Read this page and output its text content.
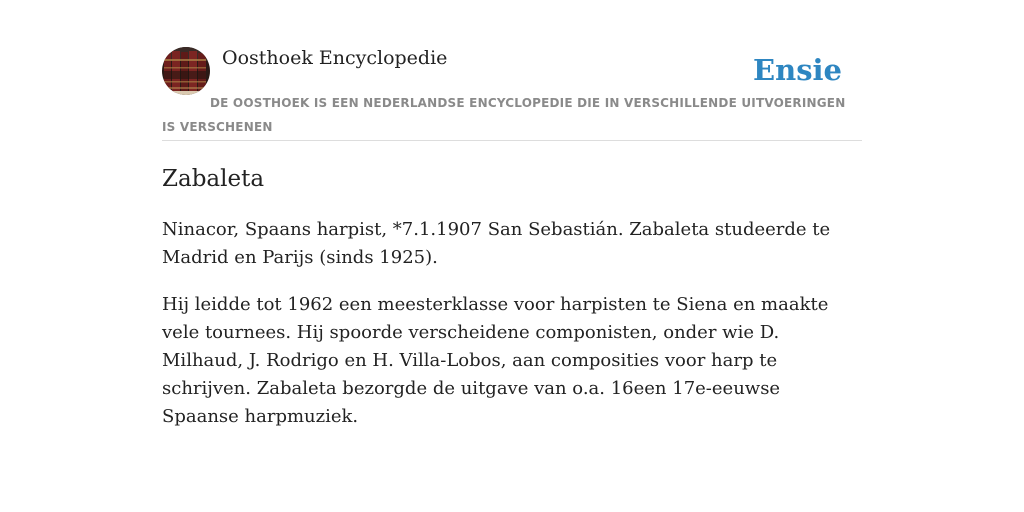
Oosthoek Encyclopedie	Ensie
DE OOSTHOEK IS EEN NEDERLANDSE ENCYCLOPEDIE DIE IN VERSCHILLENDE UITVOERINGEN IS VERSCHENEN
Zabaleta

Ninacor, Spaans harpist, *7.1.1907 San Sebastián. Zabaleta studeerde te Madrid en Parijs (sinds 1925).

Hij leidde tot 1962 een meesterklasse voor harpisten te Siena en maakte vele tournees. Hij spoorde verscheidene componisten, onder wie D. Milhaud, J. Rodrigo en H. Villa-Lobos, aan composities voor harp te schrijven. Zabaleta bezorgde de uitgave van o.a. 16een 17e-eeuwse Spaanse harpmuziek.
